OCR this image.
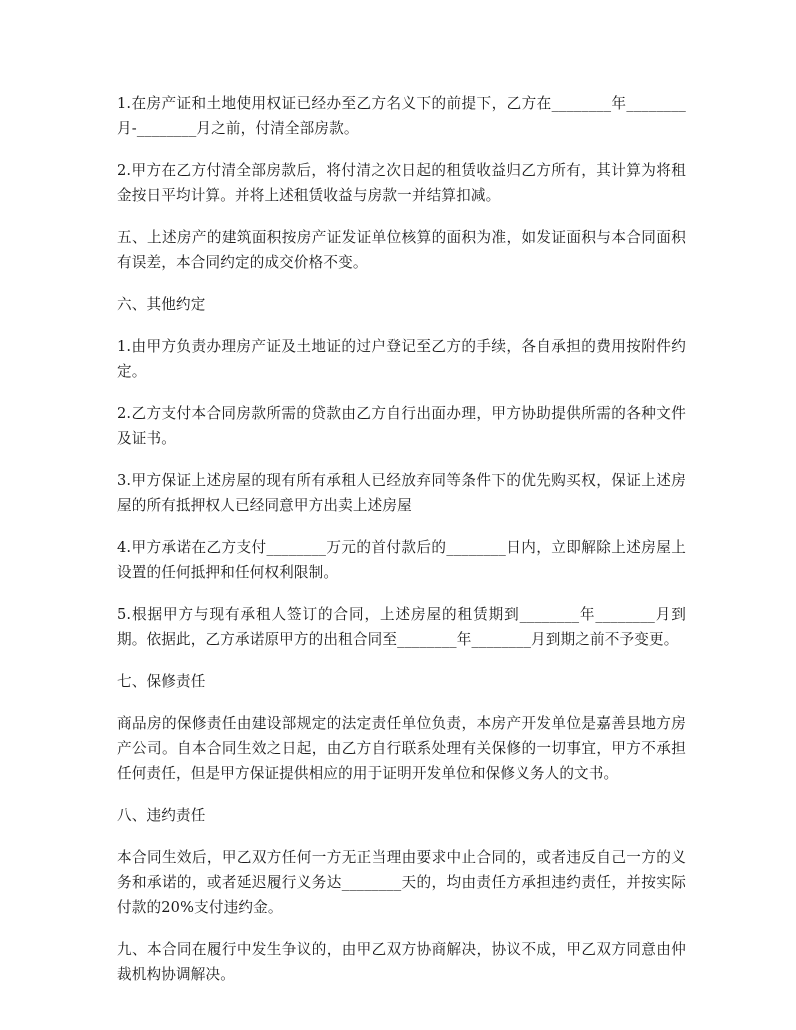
1.在房产证和土地使用权证已经办至乙方名义下的前提下，乙方在________年________月-________月之前，付清全部房款。

2.甲方在乙方付清全部房款后，将付清之次日起的租赁收益归乙方所有，其计算为将租金按日平均计算。并将上述租赁收益与房款一并结算扣减。

五、上述房产的建筑面积按房产证发证单位核算的面积为准，如发证面积与本合同面积有误差，本合同约定的成交价格不变。

六、其他约定

1.由甲方负责办理房产证及土地证的过户登记至乙方的手续，各自承担的费用按附件约定。

2.乙方支付本合同房款所需的贷款由乙方自行出面办理，甲方协助提供所需的各种文件及证书。

3.甲方保证上述房屋的现有所有承租人已经放弃同等条件下的优先购买权，保证上述房屋的所有抵押权人已经同意甲方出卖上述房屋

4.甲方承诺在乙方支付________万元的首付款后的________日内，立即解除上述房屋上设置的任何抵押和任何权利限制。

5.根据甲方与现有承租人签订的合同，上述房屋的租赁期到________年________月到期。依据此，乙方承诺原甲方的出租合同至________年________月到期之前不予变更。

七、保修责任

商品房的保修责任由建设部规定的法定责任单位负责，本房产开发单位是嘉善县地方房产公司。自本合同生效之日起，由乙方自行联系处理有关保修的一切事宜，甲方不承担任何责任，但是甲方保证提供相应的用于证明开发单位和保修义务人的文书。

八、违约责任

本合同生效后，甲乙双方任何一方无正当理由要求中止合同的，或者违反自己一方的义务和承诺的，或者延迟履行义务达________天的，均由责任方承担违约责任，并按实际付款的20%支付违约金。

九、本合同在履行中发生争议的，由甲乙双方协商解决，协议不成，甲乙双方同意由仲裁机构协调解决。
